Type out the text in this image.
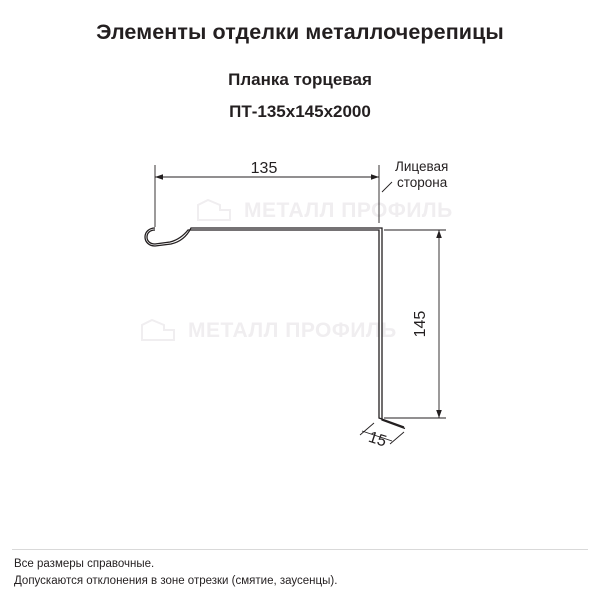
Элементы отделки металлочерепицы
Планка торцевая
ПТ-135х145х2000
МЕТАЛЛ ПРОФИЛЬ
МЕТАЛЛ ПРОФИЛЬ
135
145
15
Лицевая
сторона
Все размеры справочные.
Допускаются отклонения в зоне отрезки (смятие, заусенцы).
